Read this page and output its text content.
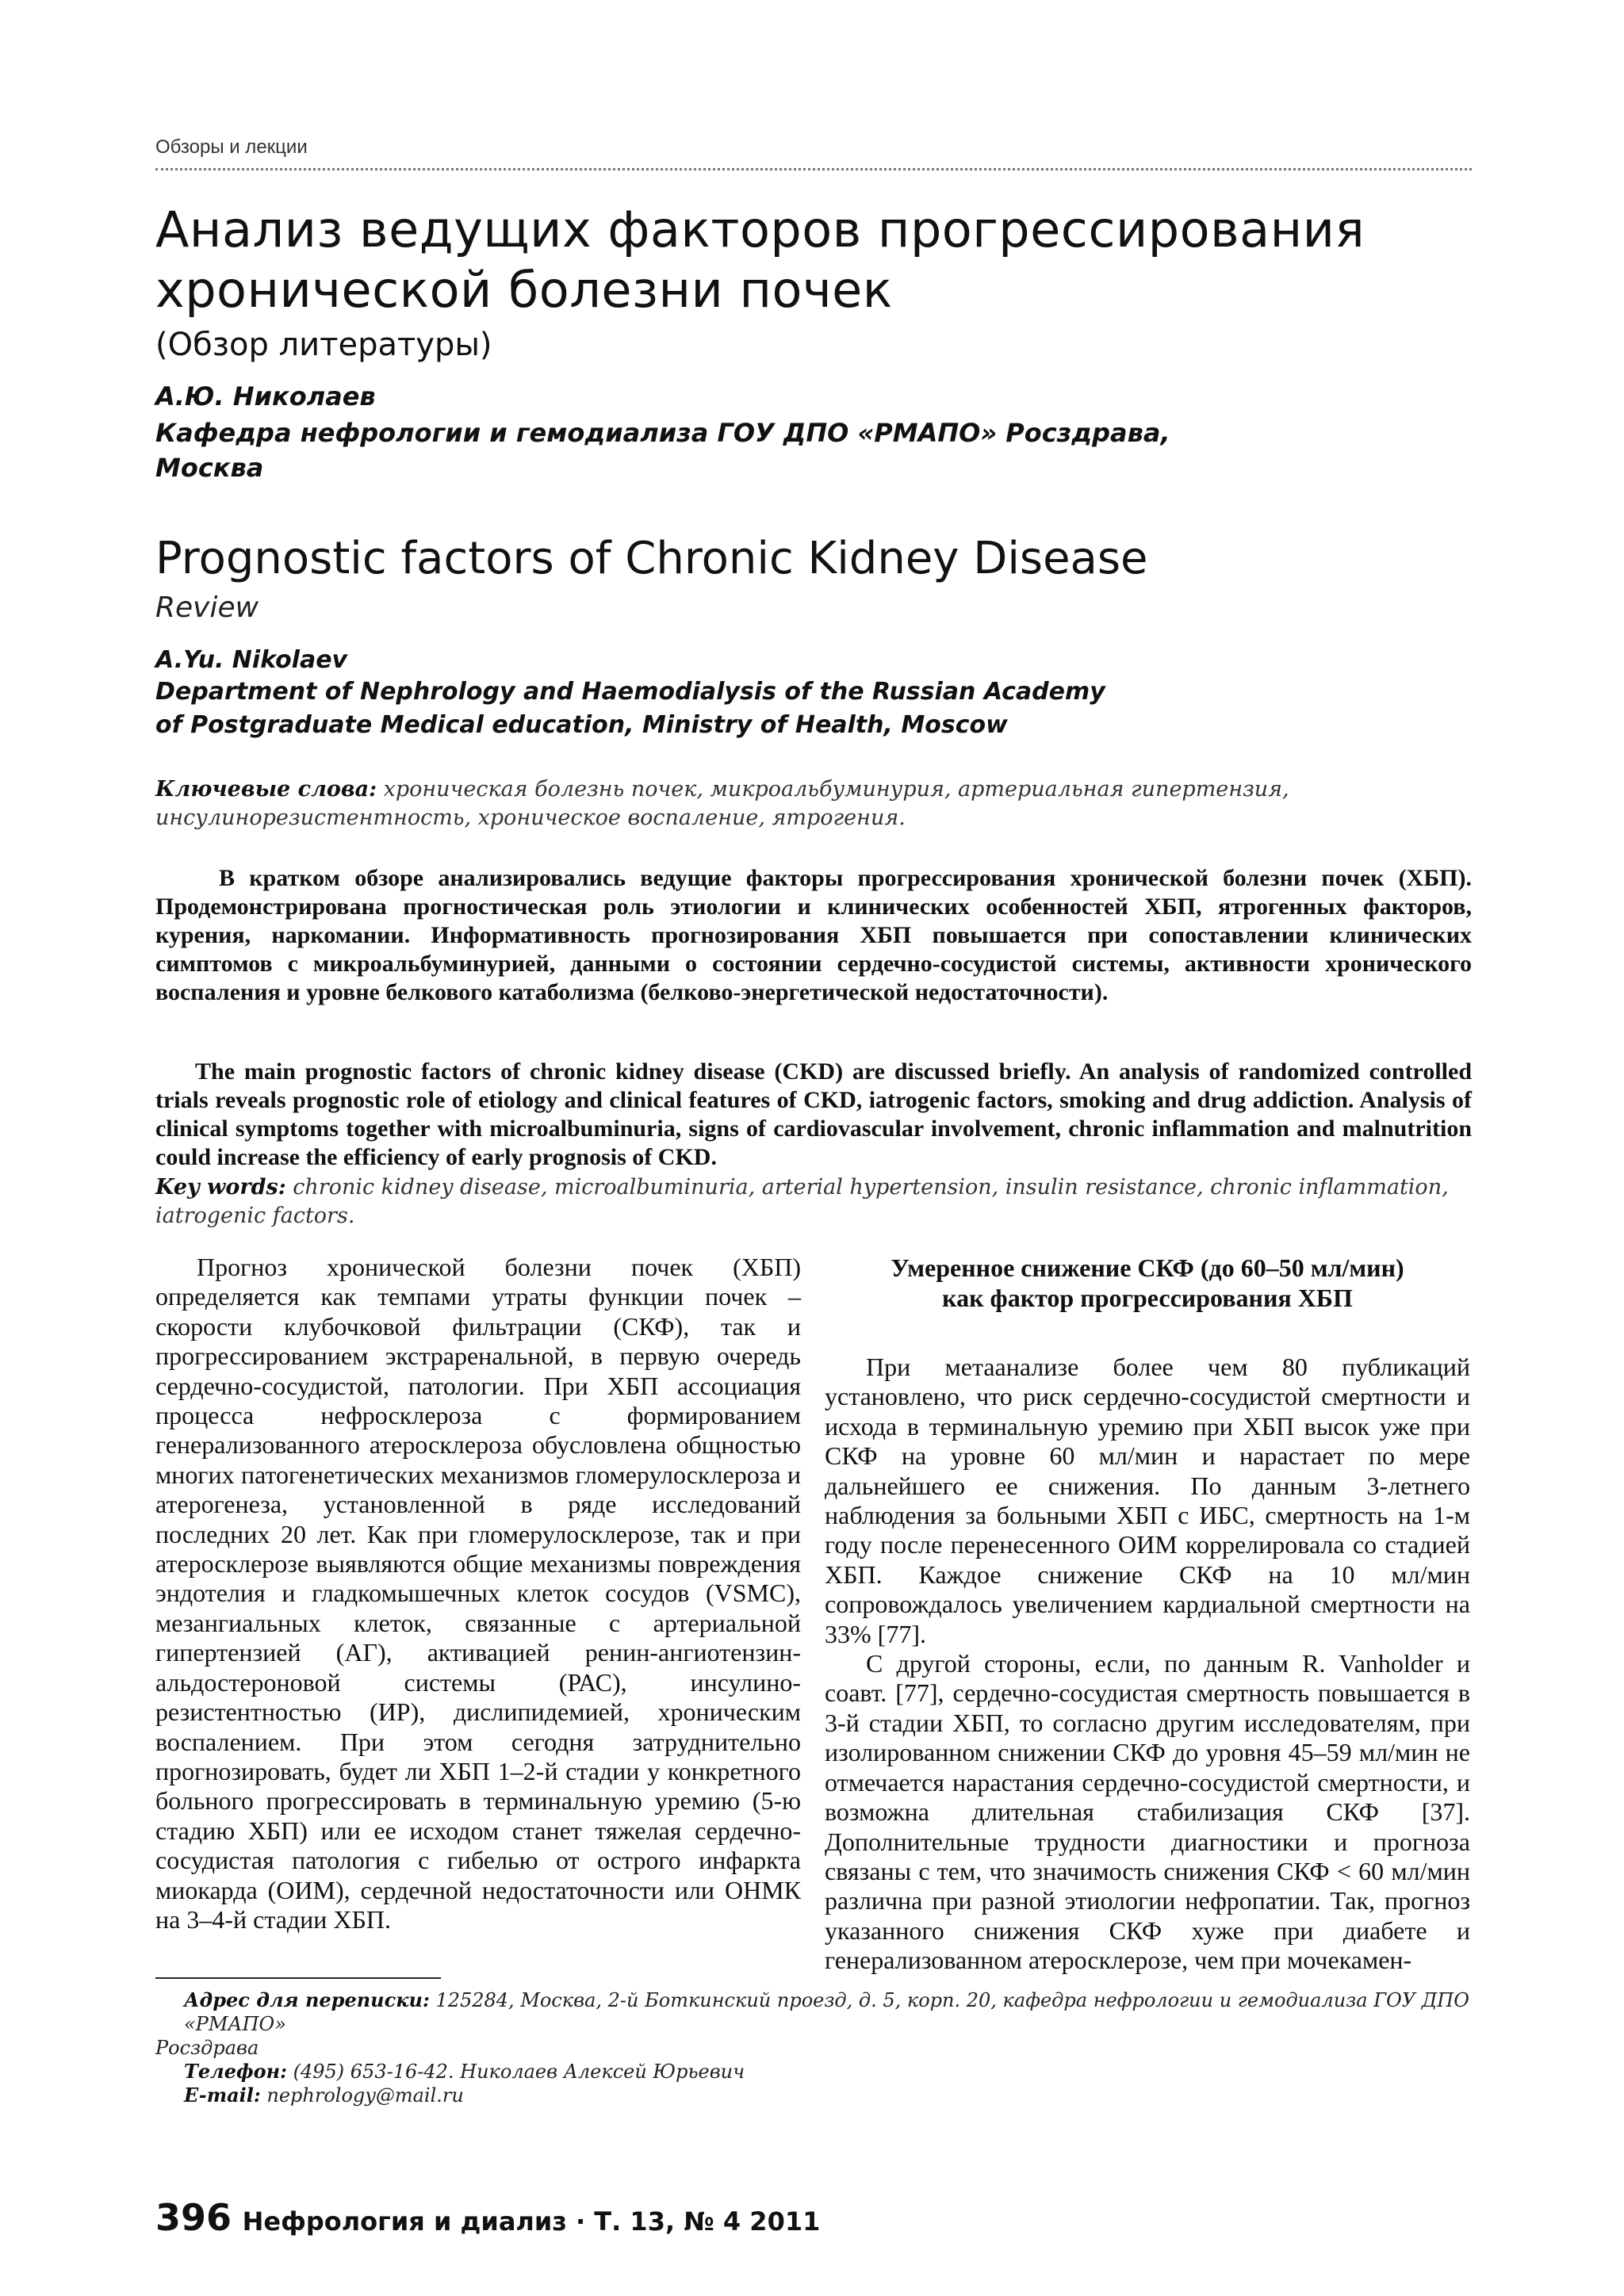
Обзоры и лекции
Анализ ведущих факторов прогрессирования
хронической болезни почек
(Обзор литературы)
А.Ю. Николаев
Кафедра нефрологии и гемодиализа ГОУ ДПО «РМАПО» Росздрава,
Москва
Prognostic factors of Chronic Kidney Disease
Review
A.Yu. Nikolaev
Department of Nephrology and Haemodialysis of the Russian Academy
of Postgraduate Medical education, Ministry of Health, Moscow
Ключевые слова: хроническая болезнь почек, микроальбуминурия, артериальная гипертензия, инсулинорезистентность, хроническое воспаление, ятрогения.
В кратком обзоре анализировались ведущие факторы прогрессирования хронической болезни почек (ХБП). Продемонстрирована прогностическая роль этиологии и клинических особенностей ХБП, ятрогенных факторов, курения, наркомании. Информативность прогнозирования ХБП повышается при сопоставлении клинических симптомов с микроальбуминурией, данными о состоянии сердечно-сосудистой системы, активности хронического воспаления и уровне белкового катаболизма (белково-энергетической недостаточности).
The main prognostic factors of chronic kidney disease (CKD) are discussed briefly. An analysis of randomized controlled trials reveals prognostic role of etiology and clinical features of CKD, iatrogenic factors, smoking and drug addiction. Analysis of clinical symptoms together with microalbuminuria, signs of cardiovascular involvement, chronic inflammation and malnutrition could increase the efficiency of early prognosis of CKD.
Key words: chronic kidney disease, microalbuminuria, arterial hypertension, insulin resistance, chronic inflammation, iatrogenic factors.

Прогноз хронической болезни почек (ХБП) определяется как темпами утраты функции почек – скорости клубочковой фильтрации (СКФ), так и прогрессированием экстраренальной, в первую очередь сердечно-сосудистой, патологии. При ХБП ассоциация процесса нефросклероза с формированием генерализованного атеросклероза обусловлена общностью многих патогенетических механизмов гломерулосклероза и атерогенеза, установленной в ряде исследований последних 20 лет. Как при гломерулосклерозе, так и при атеросклерозе выявляются общие механизмы повреждения эндотелия и гладкомышечных клеток сосудов (VSMC), мезангиальных клеток, связанные с артериальной гипертензией (АГ), активацией ренин-ангиотензин-альдостероновой системы (РАС), инсулино-резистентностью (ИР), дислипидемией, хроническим воспалением. При этом сегодня затруднительно прогнозировать, будет ли ХБП 1–2-й стадии у конкретного больного прогрессировать в терминальную уремию (5-ю стадию ХБП) или ее исходом станет тяжелая сердечно-сосудистая патология с гибелью от острого инфаркта миокарда (ОИМ), сердечной недостаточности или ОНМК на 3–4-й стадии ХБП.

Умеренное снижение СКФ (до 60–50 мл/мин)
как фактор прогрессирования ХБП

При метаанализе более чем 80 публикаций установлено, что риск сердечно-сосудистой смертности и исхода в терминальную уремию при ХБП высок уже при СКФ на уровне 60 мл/мин и нарастает по мере дальнейшего ее снижения. По данным 3-летнего наблюдения за больными ХБП с ИБС, смертность на 1-м году после перенесенного ОИМ коррелировала со стадией ХБП. Каждое снижение СКФ на 10 мл/мин сопровождалось увеличением кардиальной смертности на 33% [77].

С другой стороны, если, по данным R. Vanholder и соавт. [77], сердечно-сосудистая смертность повышается в 3-й стадии ХБП, то согласно другим исследователям, при изолированном снижении СКФ до уровня 45–59 мл/мин не отмечается нарастания сердечно-сосудистой смертности, и возможна длительная стабилизация СКФ [37]. Дополнительные трудности диагностики и прогноза связаны с тем, что значимость снижения СКФ < 60 мл/мин различна при разной этиологии нефропатии. Так, прогноз указанного снижения СКФ хуже при диабете и генерализованном атеросклерозе, чем при мочекамен-

Адрес для переписки: 125284, Москва, 2-й Боткинский проезд, д. 5, корп. 20, кафедра нефрологии и гемодиализа ГОУ ДПО «РМАПО»
Росздрава
Телефон: (495) 653-16-42. Николаев Алексей Юрьевич
E-mail: nephrology@mail.ru
396 Нефрология и диализ · Т. 13, № 4 2011
